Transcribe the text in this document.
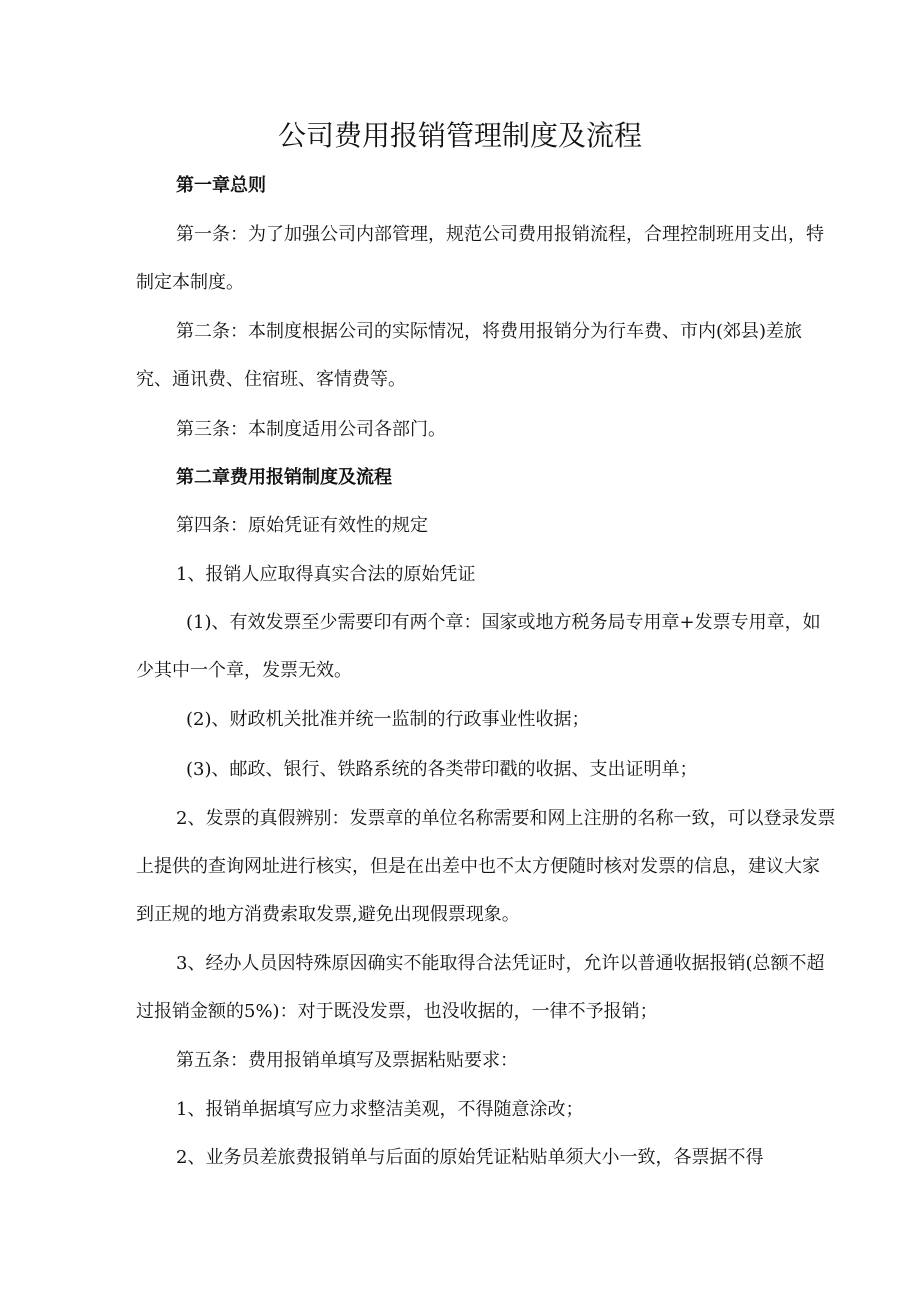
公司费用报销管理制度及流程

第一章总则

第一条：为了加强公司内部管理，规范公司费用报销流程，合理控制班用支出，特制定本制度。

第二条：本制度根据公司的实际情况，将费用报销分为行车费、市内(郊县)差旅究、通讯费、住宿班、客情费等。

第三条：本制度适用公司各部门。

第二章费用报销制度及流程

第四条：原始凭证有效性的规定

1、报销人应取得真实合法的原始凭证

(1)、有效发票至少需要印有两个章：国家或地方税务局专用章+发票专用章，如少其中一个章，发票无效。

(2)、财政机关批准并统一监制的行政事业性收据；

(3)、邮政、银行、铁路系统的各类带印戳的收据、支出证明单；

2、发票的真假辨别：发票章的单位名称需要和网上注册的名称一致，可以登录发票上提供的查询网址进行核实，但是在出差中也不太方便随时核对发票的信息，建议大家到正规的地方消费索取发票,避免出现假票现象。

3、经办人员因特殊原因确实不能取得合法凭证时，允许以普通收据报销(总额不超过报销金额的5%)：对于既没发票，也没收据的，一律不予报销；

第五条：费用报销单填写及票据粘贴要求：

1、报销单据填写应力求整洁美观，不得随意涂改；

2、业务员差旅费报销单与后面的原始凭证粘贴单须大小一致，各票据不得
